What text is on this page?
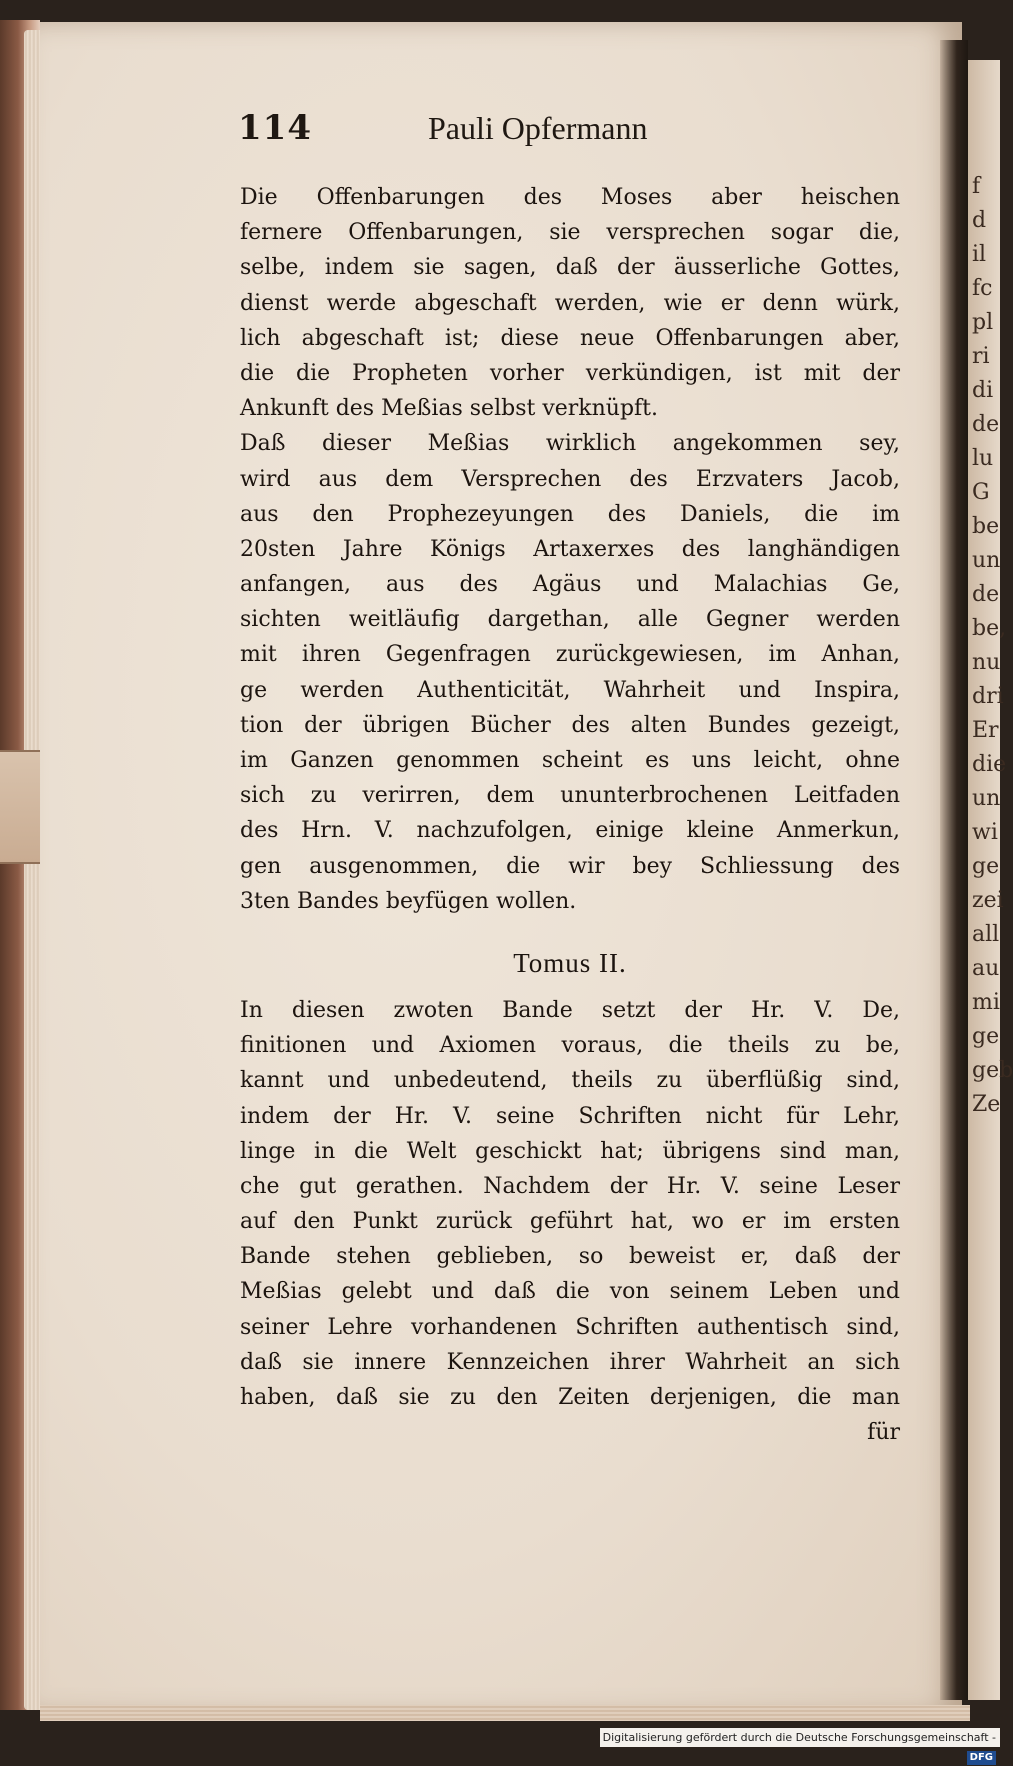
f
d
il
fc
pl
ri
di
de
lu
G
be
un
de
be,
nu
dri
Er
die
un
wi
ge
zei
all
au
mi
ge
geb
Ze
114	Pauli Opfermann
Die Offenbarungen des Moses aber heischen
fernere Offenbarungen, sie versprechen sogar die,
selbe, indem sie sagen, daß der äusserliche Gottes,
dienst werde abgeschaft werden, wie er denn würk,
lich abgeschaft ist; diese neue Offenbarungen aber,
die die Propheten vorher verkündigen, ist mit der
Ankunft des Meßias selbst verknüpft.
Daß dieser Meßias wirklich angekommen sey,
wird aus dem Versprechen des Erzvaters Jacob,
aus den Prophezeyungen des Daniels, die im
20sten Jahre Königs Artaxerxes des langhändigen
anfangen, aus des Agäus und Malachias Ge,
sichten weitläufig dargethan, alle Gegner werden
mit ihren Gegenfragen zurückgewiesen, im Anhan,
ge werden Authenticität, Wahrheit und Inspira,
tion der übrigen Bücher des alten Bundes gezeigt,
im Ganzen genommen scheint es uns leicht, ohne
sich zu verirren, dem ununterbrochenen Leitfaden
des Hrn. V. nachzufolgen, einige kleine Anmerkun,
gen ausgenommen, die wir bey Schliessung des
3ten Bandes beyfügen wollen.
Tomus II.
In diesen zwoten Bande setzt der Hr. V. De,
finitionen und Axiomen voraus, die theils zu be,
kannt und unbedeutend, theils zu überflüßig sind,
indem der Hr. V. seine Schriften nicht für Lehr,
linge in die Welt geschickt hat; übrigens sind man,
che gut gerathen. Nachdem der Hr. V. seine Leser
auf den Punkt zurück geführt hat, wo er im ersten
Bande stehen geblieben, so beweist er, daß der
Meßias gelebt und daß die von seinem Leben und
seiner Lehre vorhandenen Schriften authentisch sind,
daß sie innere Kennzeichen ihrer Wahrheit an sich
haben, daß sie zu den Zeiten derjenigen, die man
für
Digitalisierung gefördert durch die Deutsche Forschungsgemeinschaft -DFG
